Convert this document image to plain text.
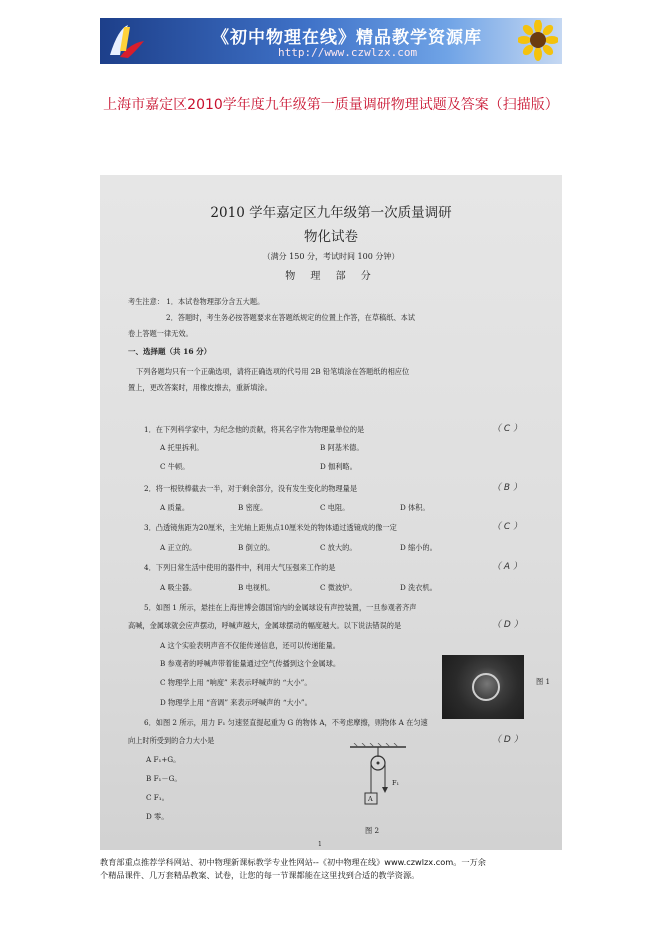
《初中物理在线》精品教学资源库
http://www.czwlzx.com
上海市嘉定区2010学年度九年级第一质量调研物理试题及答案（扫描版）
2010 学年嘉定区九年级第一次质量调研
物化试卷
（满分 150 分，考试时间 100 分钟）
物 理 部 分
考生注意： 1．本试卷物理部分含五大题。
2．答题时，考生务必按答题要求在答题纸规定的位置上作答，在草稿纸、本试
卷上答题一律无效。
一、选择题（共 16 分）
下列各题均只有一个正确选项，请将正确选项的代号用 2B 铅笔填涂在答题纸的相应位
置上，更改答案时，用橡皮擦去，重新填涂。
1．在下列科学家中，为纪念他的贡献，将其名字作为物理量单位的是	（ C ）
A 托里拆利。	B 阿基米德。
C 牛顿。	D 伽利略。
2．将一根铁棒截去一半，对于剩余部分，没有发生变化的物理量是	（ B ）
A 质量。	B 密度。	C 电阻。	D 体积。
3．凸透镜焦距为20厘米，主光轴上距焦点10厘米处的物体通过透镜成的像一定	（ C ）
A 正立的。	B 倒立的。	C 放大的。	D 缩小的。
4．下列日常生活中使用的器件中，利用大气压强来工作的是	（ A ）
A 吸尘器。	B 电视机。	C 微波炉。	D 洗衣机。
5．如图 1 所示，悬挂在上海世博会德国馆内的金属球设有声控装置，一旦参观者齐声
高喊，金属球就会应声摆动，呼喊声越大，金属球摆动的幅度越大。以下说法错误的是	（ D ）
A 这个实验表明声音不仅能传递信息，还可以传递能量。
B 参观者的呼喊声带着能量通过空气传播到这个金属球。
C 物理学上用 “响度” 来表示呼喊声的 “大小”。
D 物理学上用 “音调” 来表示呼喊声的 “大小”。
图 1
6．如图 2 所示，用力 F₁ 匀速竖直提起重为 G 的物体 A，不考虑摩擦，则物体 A 在匀速
向上时所受到的合力大小是	（ D ）
A F₁+G。
B F₁－G。
C F₁。
D 零。
A
F₁
图 2
1
教育部重点推荐学科网站、初中物理新课标教学专业性网站--《初中物理在线》www.czwlzx.com。一万余
个精品课件、几万套精品教案、试卷，让您的每一节课都能在这里找到合适的教学资源。
